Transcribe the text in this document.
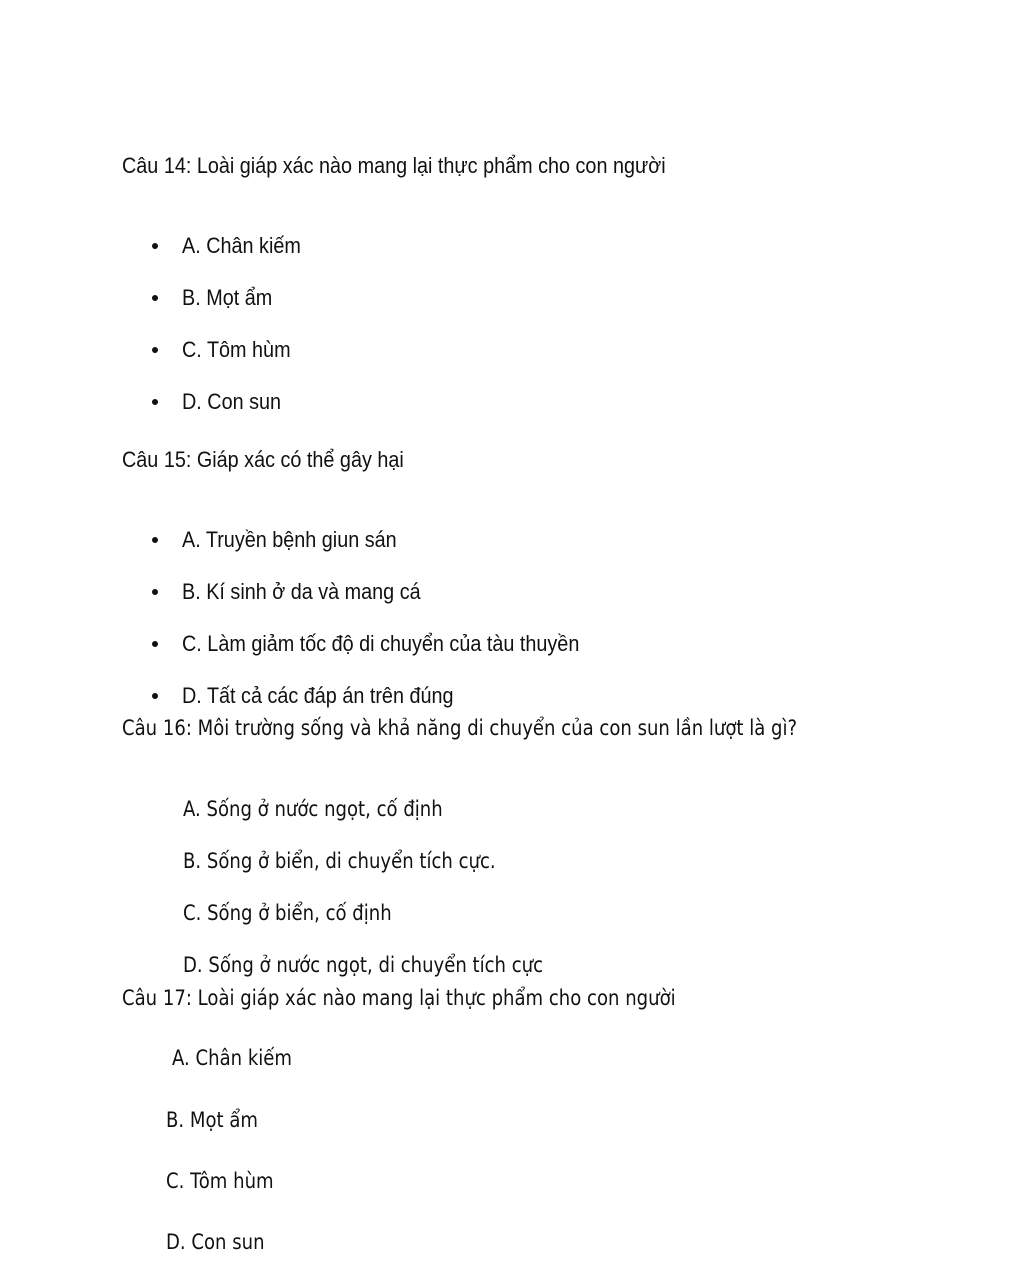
Câu 14: Loài giáp xác nào mang lại thực phẩm cho con người
A. Chân kiếm
B. Mọt ẩm
C. Tôm hùm
D. Con sun
Câu 15: Giáp xác có thể gây hại
A. Truyền bệnh giun sán
B. Kí sinh ở da và mang cá
C. Làm giảm tốc độ di chuyển của tàu thuyền
D. Tất cả các đáp án trên đúng
Câu 16: Môi trường sống và khả năng di chuyển của con sun lần lượt là gì?
A. Sống ở nước ngọt, cố định
B. Sống ở biển, di chuyển tích cực.
C. Sống ở biển, cố định
D. Sống ở nước ngọt, di chuyển tích cực
Câu 17: Loài giáp xác nào mang lại thực phẩm cho con người
A. Chân kiếm
B. Mọt ẩm
C. Tôm hùm
D. Con sun
